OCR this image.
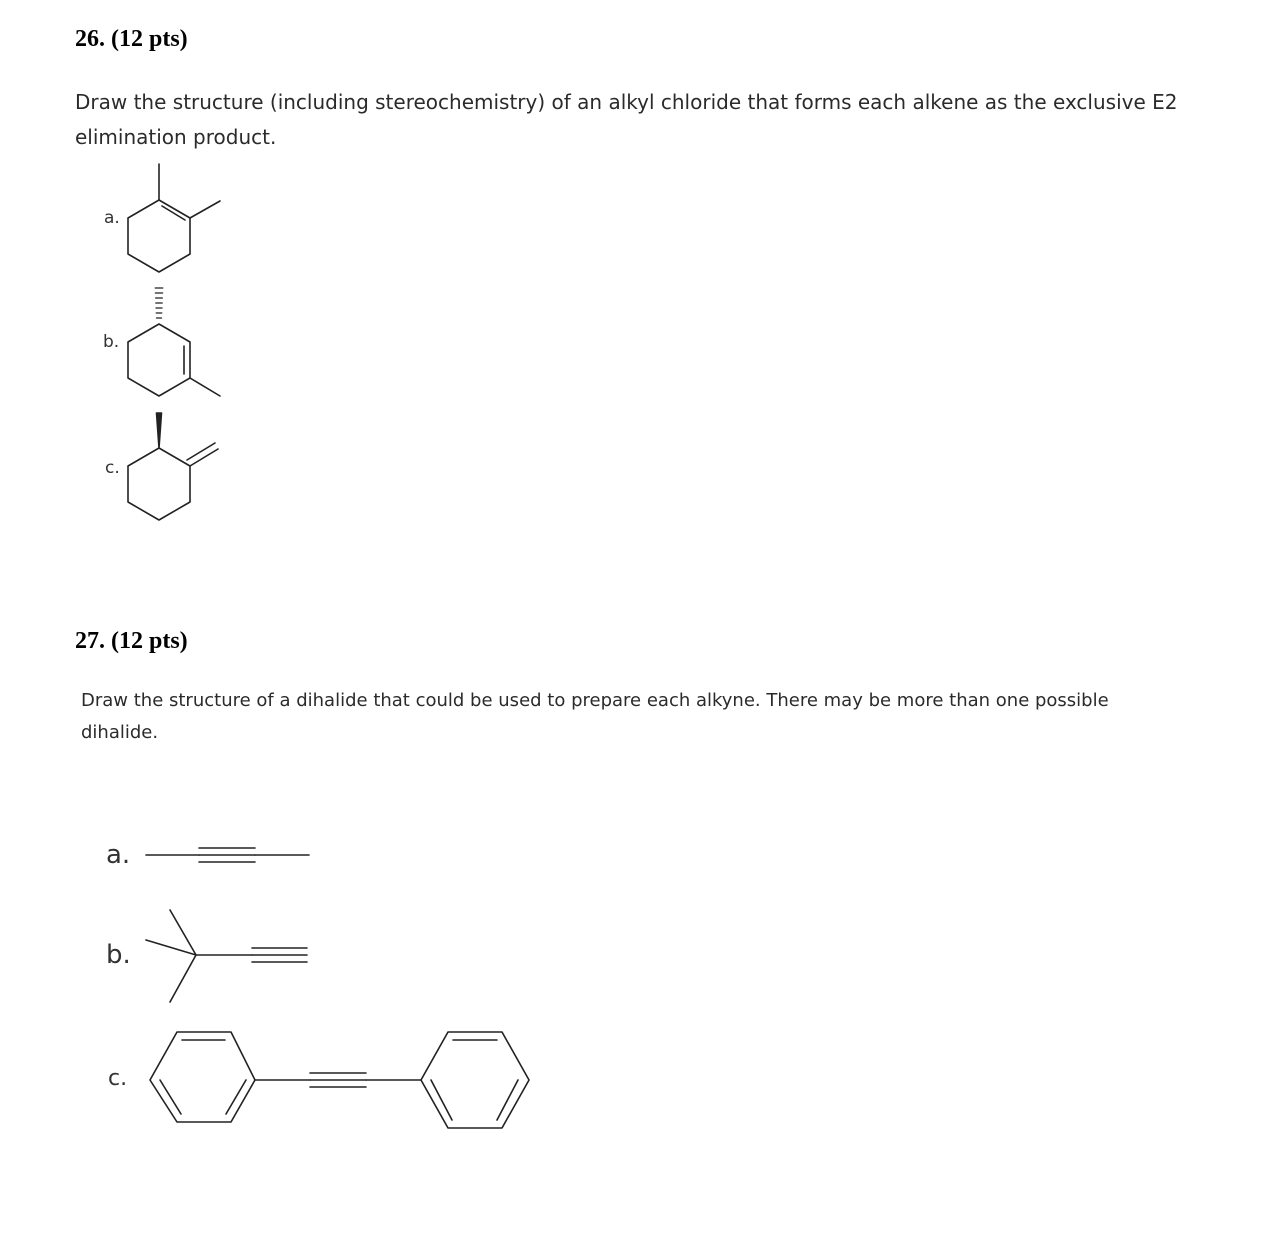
26. (12 pts)

Draw the structure (including stereochemistry) of an alkyl chloride that forms each alkene as the exclusive E2

elimination product.

a.
b.
c.
27. (12 pts)

Draw the structure of a dihalide that could be used to prepare each alkyne. There may be more than one possible

dihalide.

a.
b.
c.
